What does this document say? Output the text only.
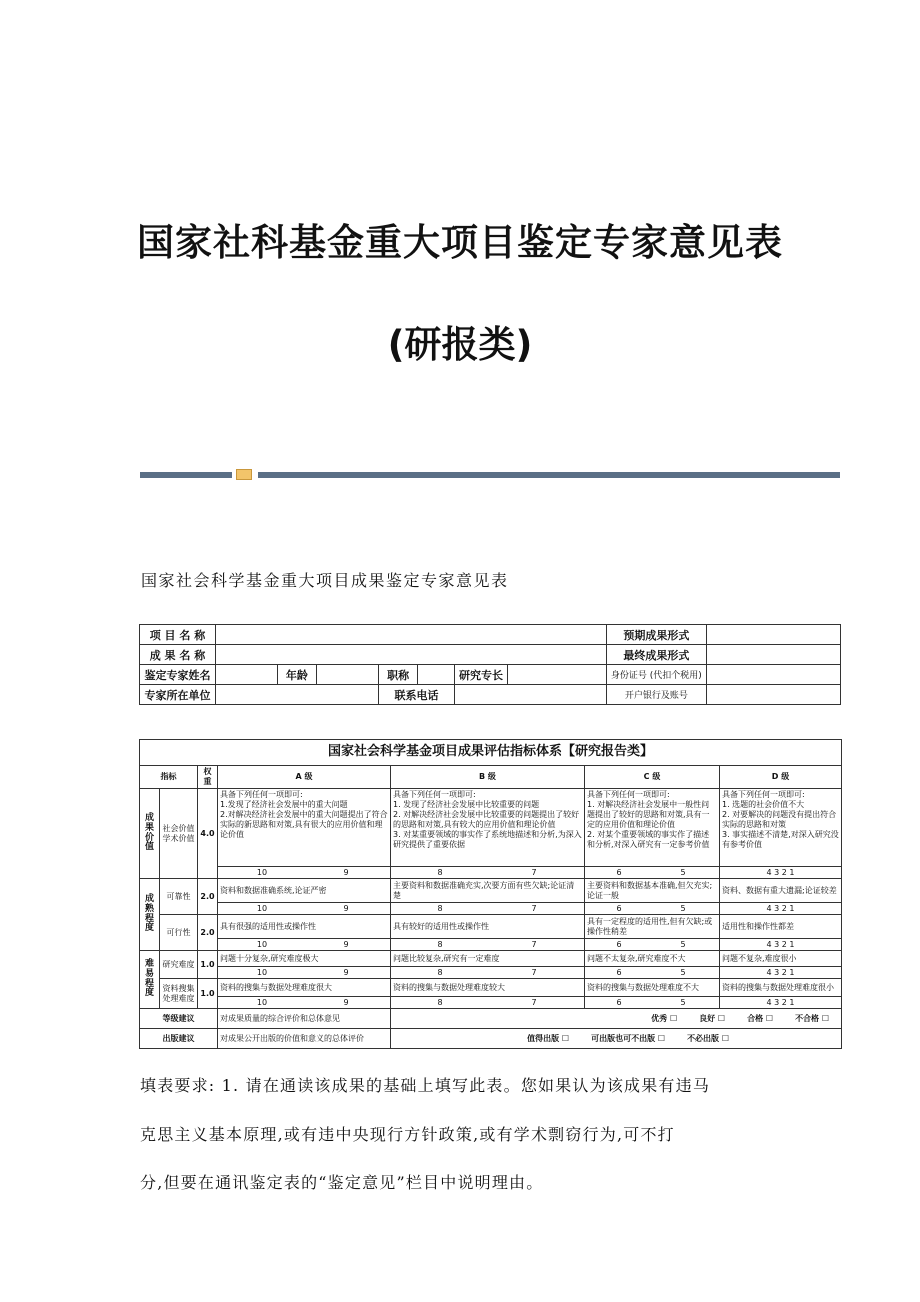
国家社科基金重大项目鉴定专家意见表
(研报类)
国家社会科学基金重大项目成果鉴定专家意见表
项 目 名 称								预期成果形式	
成 果 名 称								最终成果形式	
鉴定专家姓名		年龄		职称		研究专长		身份证号 (代扣个税用)	
专家所在单位				联系电话				开户银行及账号	
国家社会科学基金项目成果评估指标体系【研究报告类】						
指标		权重	A 级	B 级	C 级	D 级
成果价值	社会价值 学术价值	4.0	具备下列任何一项即可:
1.发现了经济社会发展中的重大问题
2.对解决经济社会发展中的重大问题提出了符合实际的新思路和对策,具有很大的应用价值和理论价值	具备下列任何一项即可:
1. 发现了经济社会发展中比较重要的问题
2. 对解决经济社会发展中比较重要的问题提出了较好的思路和对策,具有较大的应用价值和理论价值
3. 对某重要领域的事实作了系统地描述和分析,为深入研究提供了重要依据	具备下列任何一项即可:
1. 对解决经济社会发展中一般性问题提出了较好的思路和对策,具有一定的应用价值和理论价值
2. 对某个重要领域的事实作了描述和分析,对深入研究有一定参考价值	具备下列任何一项即可:
1. 选题的社会价值不大
2. 对要解决的问题没有提出符合实际的思路和对策
3. 事实描述不清楚,对深入研究没有参考价值
			10 9	8 7	6 5	4 3 2 1
成熟程度	可靠性	2.0	资料和数据准确系统,论证严密	主要资料和数据准确充实,次要方面有些欠缺;论证清楚	主要资料和数据基本准确,但欠充实;论证一般	资料、数据有重大遗漏;论证较差
			10 9	8 7	6 5	4 3 2 1
	可行性	2.0	具有很强的适用性或操作性	具有较好的适用性或操作性	具有一定程度的适用性,但有欠缺;或操作性稍差	适用性和操作性都差
			10 9	8 7	6 5	4 3 2 1
难易程度	研究难度	1.0	问题十分复杂,研究难度极大	问题比较复杂,研究有一定难度	问题不太复杂,研究难度不大	问题不复杂,难度很小
			10 9	8 7	6 5	4 3 2 1
	资料搜集 处理难度	1.0	资料的搜集与数据处理难度很大	资料的搜集与数据处理难度较大	资料的搜集与数据处理难度不大	资料的搜集与数据处理难度很小
			10 9	8 7	6 5	4 3 2 1
等级建议			对成果质量的综合评价和总体意见	优秀 ☐ 良好 ☐ 合格 ☐ 不合格 ☐		

出版建议			对成果公开出版的价值和意义的总体评价	值得出版 ☐ 可出版也可不出版 ☐ 不必出版 ☐		
填表要求: 1. 请在通读该成果的基础上填写此表。您如果认为该成果有违马
克思主义基本原理,或有违中央现行方针政策,或有学术剽窃行为,可不打
分,但要在通讯鉴定表的“鉴定意见”栏目中说明理由。
